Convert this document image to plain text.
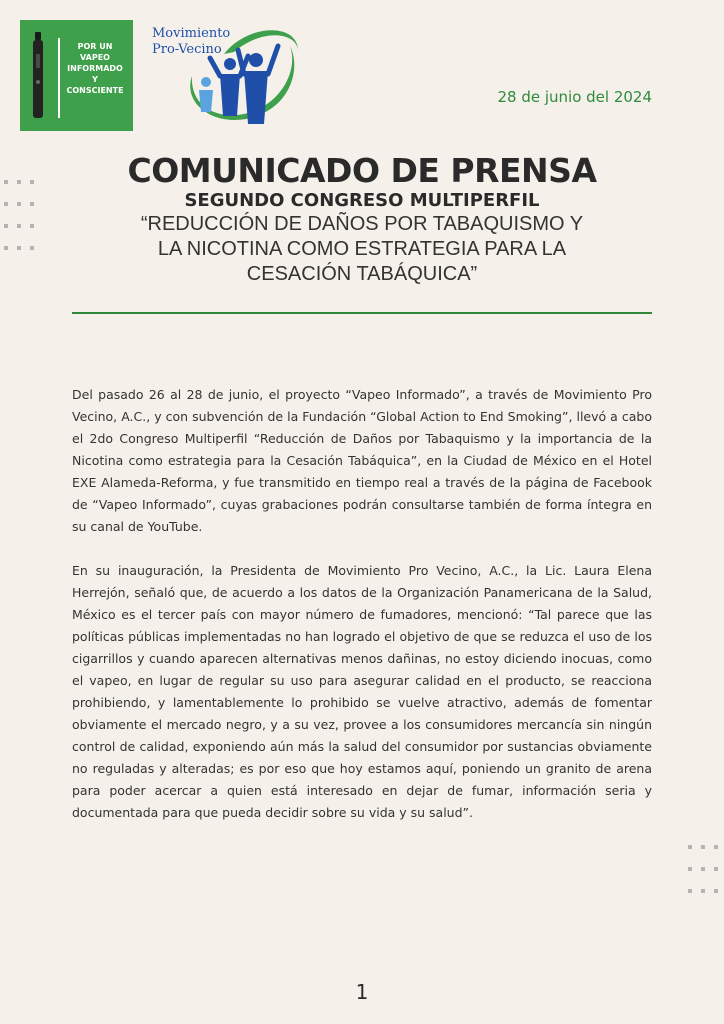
POR UN
VAPEO
INFORMADO
Y
CONSCIENTE
Movimiento
Pro-Vecino
28 de junio del 2024
COMUNICADO DE PRENSA
SEGUNDO CONGRESO MULTIPERFIL

“REDUCCIÓN DE DAÑOS POR TABAQUISMO Y

LA NICOTINA COMO ESTRATEGIA PARA LA

CESACIÓN TABÁQUICA”

Del pasado 26 al 28 de junio, el proyecto “Vapeo Informado”, a través de Movimiento Pro Vecino, A.C., y con subvención de la Fundación “Global Action to End Smoking”, llevó a cabo el 2do Congreso Multiperfil “Reducción de Daños por Tabaquismo y la importancia de la Nicotina como estrategia para la Cesación Tabáquica”, en la Ciudad de México en el Hotel EXE Alameda-Reforma, y fue transmitido en tiempo real a través de la página de Facebook de “Vapeo Informado”, cuyas grabaciones podrán consultarse también de forma íntegra en su canal de YouTube.

En su inauguración, la Presidenta de Movimiento Pro Vecino, A.C., la Lic. Laura Elena Herrejón, señaló que, de acuerdo a los datos de la Organización Panamericana de la Salud, México es el tercer país con mayor número de fumadores, mencionó: “Tal parece que las políticas públicas implementadas no han logrado el objetivo de que se reduzca el uso de los cigarrillos y cuando aparecen alternativas menos dañinas, no estoy diciendo inocuas, como el vapeo, en lugar de regular su uso para asegurar calidad en el producto, se reacciona prohibiendo, y lamentablemente lo prohibido se vuelve atractivo, además de fomentar obviamente el mercado negro, y a su vez, provee a los consumidores mercancía sin ningún control de calidad, exponiendo aún más la salud del consumidor por sustancias obviamente no reguladas y alteradas; es por eso que hoy estamos aquí, poniendo un granito de arena para poder acercar a quien está interesado en dejar de fumar, información seria y documentada para que pueda decidir sobre su vida y su salud”.

1
